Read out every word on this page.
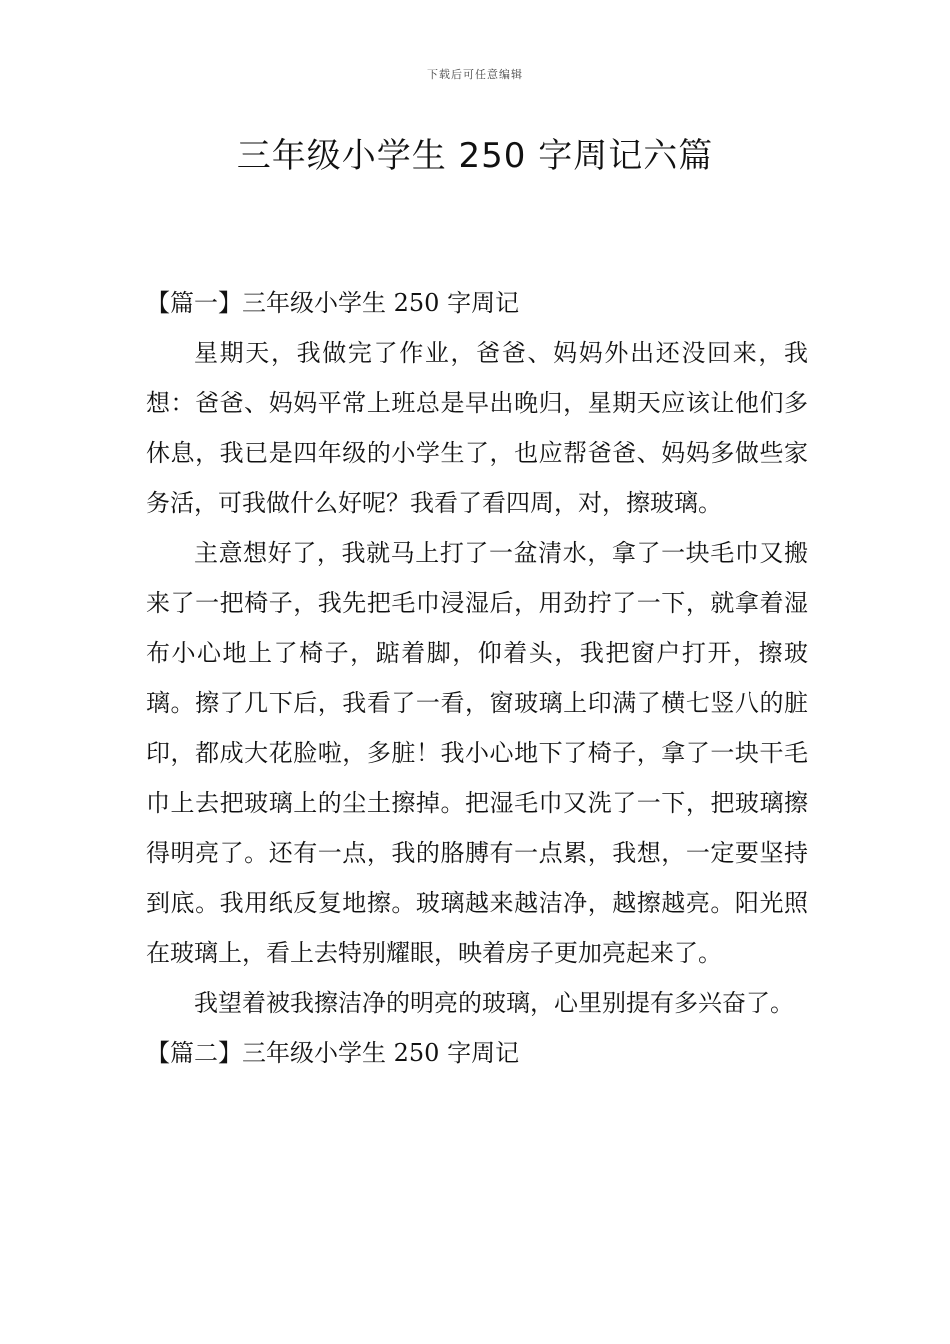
下载后可任意编辑
三年级小学生 250 字周记六篇
【篇一】三年级小学生 250 字周记

星期天，我做完了作业，爸爸、妈妈外出还没回来，我想：爸爸、妈妈平常上班总是早出晚归，星期天应该让他们多休息，我已是四年级的小学生了，也应帮爸爸、妈妈多做些家务活，可我做什么好呢？我看了看四周，对，擦玻璃。

主意想好了，我就马上打了一盆清水，拿了一块毛巾又搬来了一把椅子，我先把毛巾浸湿后，用劲拧了一下，就拿着湿布小心地上了椅子，踮着脚，仰着头，我把窗户打开，擦玻璃。擦了几下后，我看了一看，窗玻璃上印满了横七竖八的脏印，都成大花脸啦，多脏！我小心地下了椅子，拿了一块干毛巾上去把玻璃上的尘土擦掉。把湿毛巾又洗了一下，把玻璃擦得明亮了。还有一点，我的胳膊有一点累，我想，一定要坚持到底。我用纸反复地擦。玻璃越来越洁净，越擦越亮。阳光照在玻璃上，看上去特别耀眼，映着房子更加亮起来了。

我望着被我擦洁净的明亮的玻璃，心里别提有多兴奋了。

【篇二】三年级小学生 250 字周记
